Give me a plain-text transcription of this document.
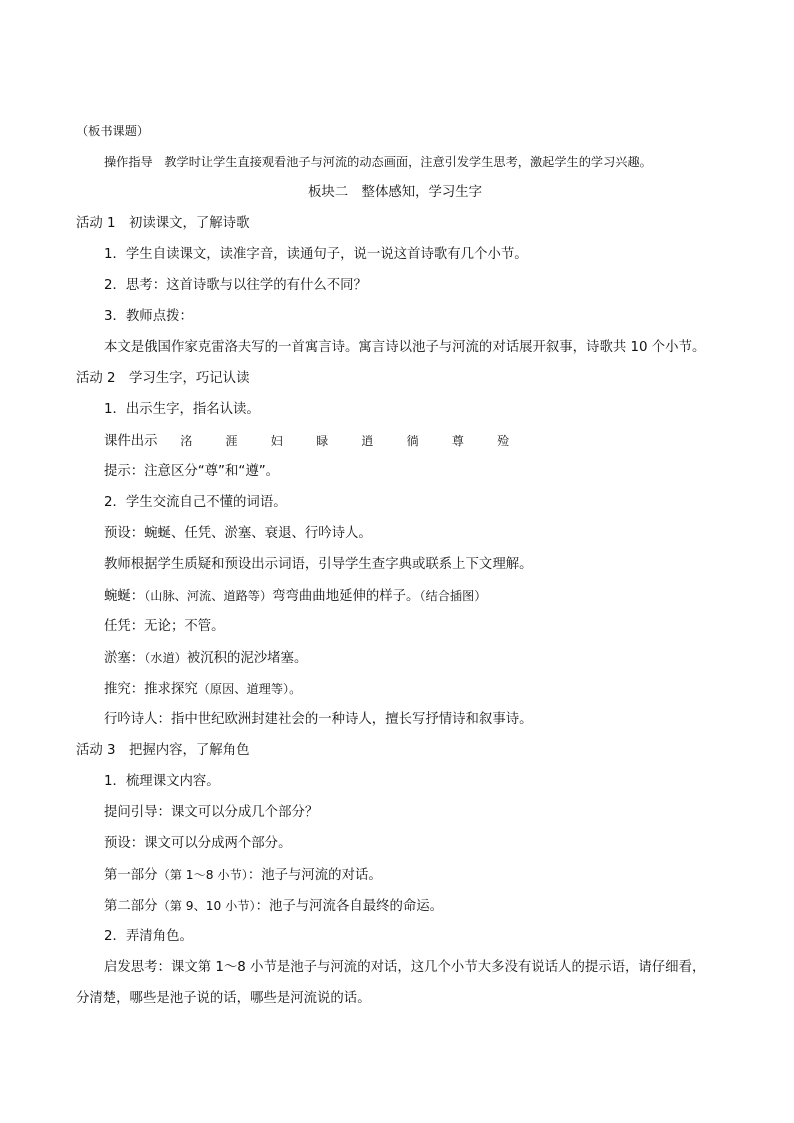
（板书课题）
操作指导 教学时让学生直接观看池子与河流的动态画面，注意引发学生思考，激起学生的学习兴趣。
板块二　整体感知，学习生字
活动 1　初读课文，了解诗歌
1．学生自读课文，读准字音，读通句子，说一说这首诗歌有几个小节。
2．思考：这首诗歌与以往学的有什么不同？
3．教师点拨：
本文是俄国作家克雷洛夫写的一首寓言诗。寓言诗以池子与河流的对话展开叙事，诗歌共 10 个小节。
活动 2　学习生字，巧记认读
1．出示生字，指名认读。
课件出示 洺	涯	妇	睩	逍	徜	尊	殓
提示：注意区分“尊”和“遵”。
2．学生交流自己不懂的词语。
预设：蜿蜒、任凭、淤塞、衰退、行吟诗人。
教师根据学生质疑和预设出示词语，引导学生查字典或联系上下文理解。
蜿蜒：（山脉、河流、道路等）弯弯曲曲地延伸的样子。（结合插图）
任凭：无论；不管。
淤塞：（水道）被沉积的泥沙堵塞。
推究：推求探究（原因、道理等）。
行吟诗人：指中世纪欧洲封建社会的一种诗人，擅长写抒情诗和叙事诗。
活动 3　把握内容，了解角色
1．梳理课文内容。
提问引导：课文可以分成几个部分？
预设：课文可以分成两个部分。
第一部分（第 1～8 小节）：池子与河流的对话。
第二部分（第 9、10 小节）：池子与河流各自最终的命运。
2．弄清角色。
启发思考：课文第 1～8 小节是池子与河流的对话，这几个小节大多没有说话人的提示语，请仔细看，
分清楚，哪些是池子说的话，哪些是河流说的话。
